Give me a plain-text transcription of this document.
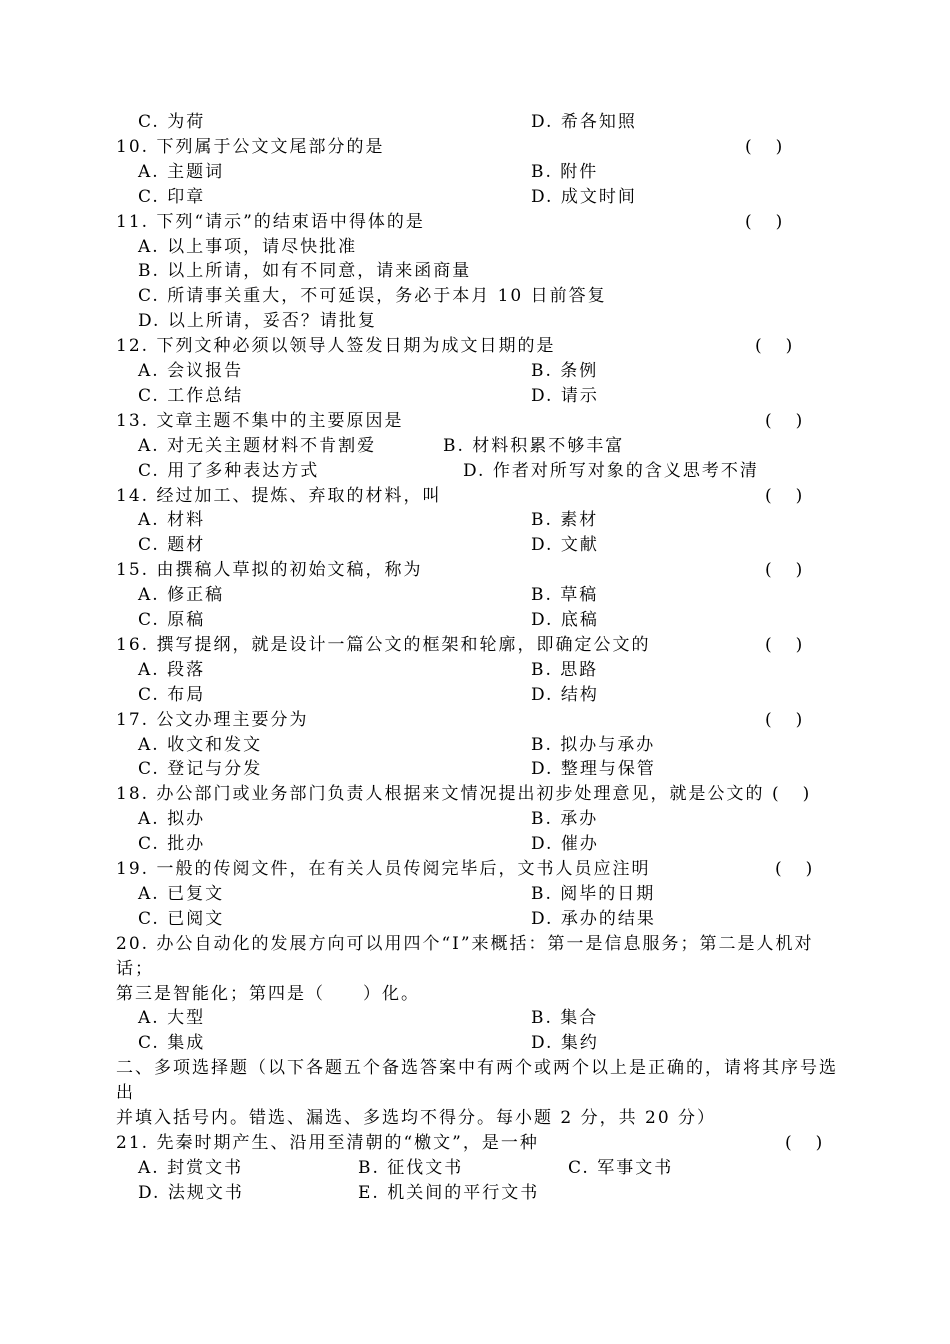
C. 为荷	D. 希各知照
10. 下列属于公文文尾部分的是	( )
A. 主题词	B. 附件
C. 印章	D. 成文时间
11. 下列“请示”的结束语中得体的是	( )
A. 以上事项，请尽快批准
B. 以上所请，如有不同意，请来函商量
C. 所请事关重大，不可延误，务必于本月 10 日前答复
D. 以上所请，妥否？请批复
12. 下列文种必须以领导人签发日期为成文日期的是	( )
A. 会议报告	B. 条例
C. 工作总结	D. 请示
13. 文章主题不集中的主要原因是	( )
A. 对无关主题材料不肯割爱	B. 材料积累不够丰富
C. 用了多种表达方式	D. 作者对所写对象的含义思考不清
14. 经过加工、提炼、弃取的材料，叫	( )
A. 材料	B. 素材
C. 题材	D. 文献
15. 由撰稿人草拟的初始文稿，称为	( )
A. 修正稿	B. 草稿
C. 原稿	D. 底稿
16. 撰写提纲，就是设计一篇公文的框架和轮廓，即确定公文的	( )
A. 段落	B. 思路
C. 布局	D. 结构
17. 公文办理主要分为	( )
A. 收文和发文	B. 拟办与承办
C. 登记与分发	D. 整理与保管
18. 办公部门或业务部门负责人根据来文情况提出初步处理意见，就是公文的 ( )
A. 拟办	B. 承办
C. 批办	D. 催办
19. 一般的传阅文件，在有关人员传阅完毕后，文书人员应注明	( )
A. 已复文	B. 阅毕的日期
C. 已阅文	D. 承办的结果
20. 办公自动化的发展方向可以用四个“I”来概括：第一是信息服务；第二是人机对
话；
第三是智能化；第四是（　　）化。
A. 大型	B. 集合
C. 集成	D. 集约
二、多项选择题（以下各题五个备选答案中有两个或两个以上是正确的，请将其序号选
出
并填入括号内。错选、漏选、多选均不得分。每小题 2 分，共 20 分）
21. 先秦时期产生、沿用至清朝的“檄文”，是一种	( )
A. 封赏文书	B. 征伐文书	C. 军事文书
D. 法规文书	E. 机关间的平行文书
